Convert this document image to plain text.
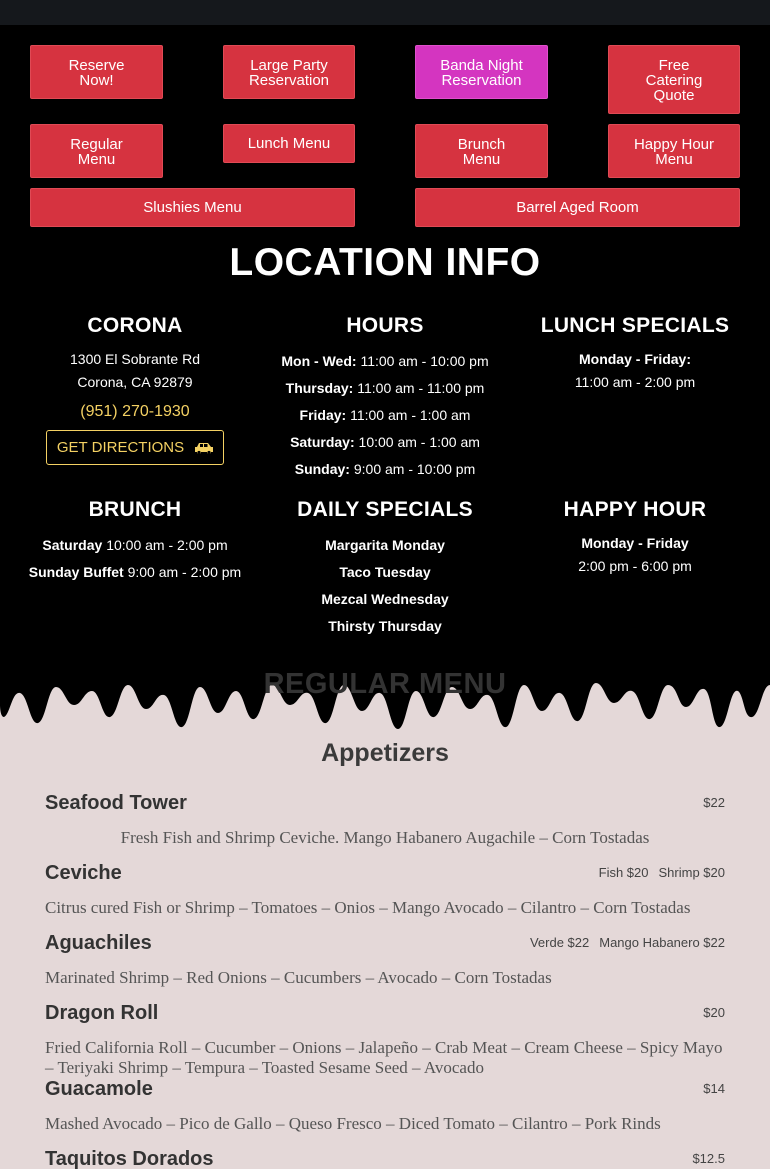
Reserve
Now!
Large Party
Reservation
Banda Night
Reservation
Free
Catering
Quote
Regular
Menu
Lunch Menu	Brunch
Menu
Happy Hour
Menu
Slushies Menu	Barrel Aged Room
LOCATION INFO
CORONA
1300 El Sobrante Rd
Corona, CA 92879
(951) 270-1930
GET DIRECTIONS
HOURS
Mon - Wed: 11:00 am - 10:00 pm
Thursday: 11:00 am - 11:00 pm
Friday: 11:00 am - 1:00 am
Saturday: 10:00 am - 1:00 am
Sunday: 9:00 am - 10:00 pm
LUNCH SPECIALS
Monday - Friday:
11:00 am - 2:00 pm
BRUNCH
Saturday 10:00 am - 2:00 pm
Sunday Buffet 9:00 am - 2:00 pm
DAILY SPECIALS
Margarita Monday
Taco Tuesday
Mezcal Wednesday
Thirsty Thursday
HAPPY HOUR
Monday - Friday
2:00 pm - 6:00 pm
REGULAR MENU
Appetizers
Seafood Tower	$22
Fresh Fish and Shrimp Ceviche. Mango Habanero Augachile – Corn Tostadas
Ceviche	Fish $20 Shrimp $20
Citrus cured Fish or Shrimp – Tomatoes – Onios – Mango Avocado – Cilantro – Corn Tostadas
Aguachiles	Verde $22 Mango Habanero $22
Marinated Shrimp – Red Onions – Cucumbers – Avocado – Corn Tostadas
Dragon Roll	$20
Fried California Roll – Cucumber – Onions – Jalapeño – Crab Meat – Cream Cheese – Spicy Mayo – Teriyaki Shrimp – Tempura – Toasted Sesame Seed – Avocado
Guacamole	$14
Mashed Avocado – Pico de Gallo – Queso Fresco – Diced Tomato – Cilantro – Pork Rinds
Taquitos Dorados	$12.5
